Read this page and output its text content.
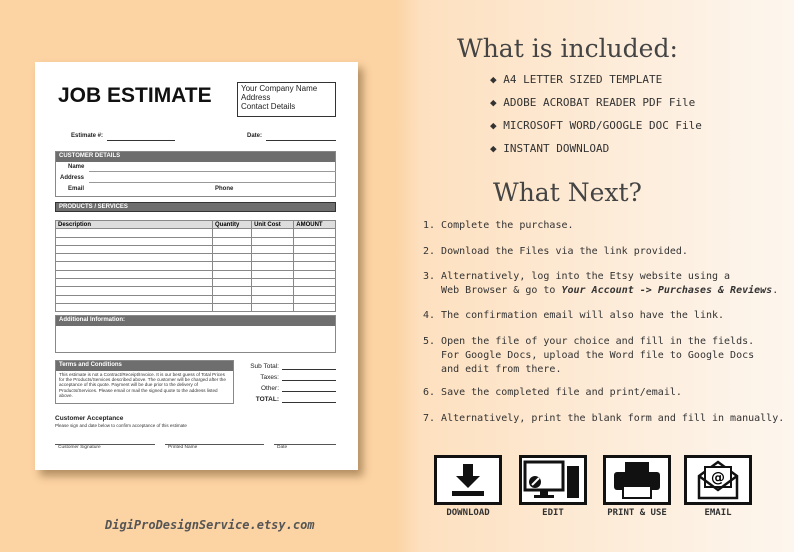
JOB ESTIMATE	Your Company Name
Address
Contact Details
Estimate #:	Date:
CUSTOMER DETAILS
Name
Address
Email	Phone
PRODUCTS / SERVICES
Description	Quantity	Unit Cost	AMOUNT

Additional Information:
Terms and Conditions
This estimate is not a Contract/Receipt/Invoice. It is our best guess of Total Prices for the Products/Services described above. The customer will be charged after the acceptance of this quote. Payment will be due prior to the delivery of Products/Services. Please email or mail the signed quote to the address listed above.
Sub Total:
Taxes:
Other:
TOTAL:
Customer Acceptance
Please sign and date below to confirm acceptance of this estimate
Customer Signature	Printed Name	Date
DigiProDesignService.etsy.com
What is included:
◆ A4 LETTER SIZED TEMPLATE
◆ ADOBE ACROBAT READER PDF File
◆ MICROSOFT WORD/GOOGLE DOC File
◆ INSTANT DOWNLOAD
What Next?
1. Complete the purchase.
2. Download the Files via the link provided.
3. Alternatively, log into the Etsy website using a
Web Browser & go to Your Account -> Purchases & Reviews.
4. The confirmation email will also have the link.
5. Open the file of your choice and fill in the fields.
For Google Docs, upload the Word file to Google Docs
and edit from there.
6. Save the completed file and print/email.
7. Alternatively, print the blank form and fill in manually.
DOWNLOAD	EDIT	PRINT & USE
@
EMAIL
